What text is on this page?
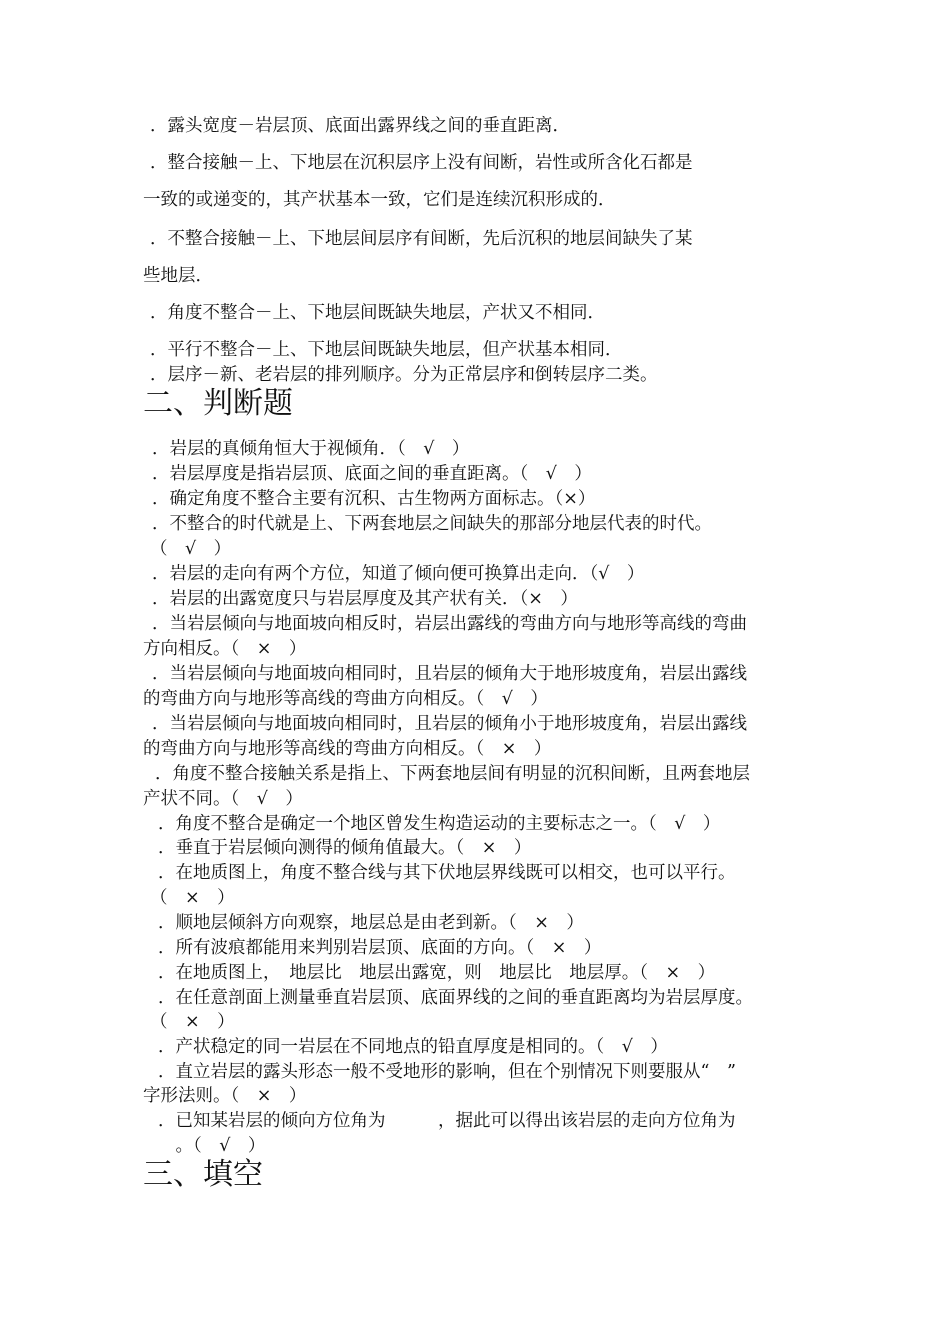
．露头宽度－岩层顶、底面出露界线之间的垂直距离．
．整合接触－上、下地层在沉积层序上没有间断，岩性或所含化石都是
一致的或递变的，其产状基本一致，它们是连续沉积形成的．
．不整合接触－上、下地层间层序有间断，先后沉积的地层间缺失了某
些地层．
．角度不整合－上、下地层间既缺失地层，产状又不相同．
．平行不整合－上、下地层间既缺失地层，但产状基本相同．
．层序－新、老岩层的排列顺序。分为正常层序和倒转层序二类。
二、判断题
．岩层的真倾角恒大于视倾角．（　√　）
．岩层厚度是指岩层顶、底面之间的垂直距离。（　√　）
．确定角度不整合主要有沉积、古生物两方面标志。（×）
．不整合的时代就是上、下两套地层之间缺失的那部分地层代表的时代。
（　√　）
．岩层的走向有两个方位，知道了倾向便可换算出走向．（√　）
．岩层的出露宽度只与岩层厚度及其产状有关．（×　）
．当岩层倾向与地面坡向相反时，岩层出露线的弯曲方向与地形等高线的弯曲
方向相反。（　×　）
．当岩层倾向与地面坡向相同时，且岩层的倾角大于地形坡度角，岩层出露线
的弯曲方向与地形等高线的弯曲方向相反。（　√　）
．当岩层倾向与地面坡向相同时，且岩层的倾角小于地形坡度角，岩层出露线
的弯曲方向与地形等高线的弯曲方向相反。（　×　）
．角度不整合接触关系是指上、下两套地层间有明显的沉积间断，且两套地层
产状不同。（　√　）
．角度不整合是确定一个地区曾发生构造运动的主要标志之一。（　√　）
．垂直于岩层倾向测得的倾角值最大。（　×　）
．在地质图上，角度不整合线与其下伏地层界线既可以相交，也可以平行。
（　×　）
．顺地层倾斜方向观察，地层总是由老到新。（　×　）
．所有波痕都能用来判别岩层顶、底面的方向。（　×　）
．在地质图上，　地层比　地层出露宽，则　地层比　地层厚。（　×　）
．在任意剖面上测量垂直岩层顶、底面界线的之间的垂直距离均为岩层厚度。
（　×　）
．产状稳定的同一岩层在不同地点的铅直厚度是相同的。（　√　）
．直立岩层的露头形态一般不受地形的影响，但在个别情况下则要服从“　”
字形法则。（　×　）
．已知某岩层的倾向方位角为　　　，据此可以得出该岩层的走向方位角为
　。（　√　）
三、填空
